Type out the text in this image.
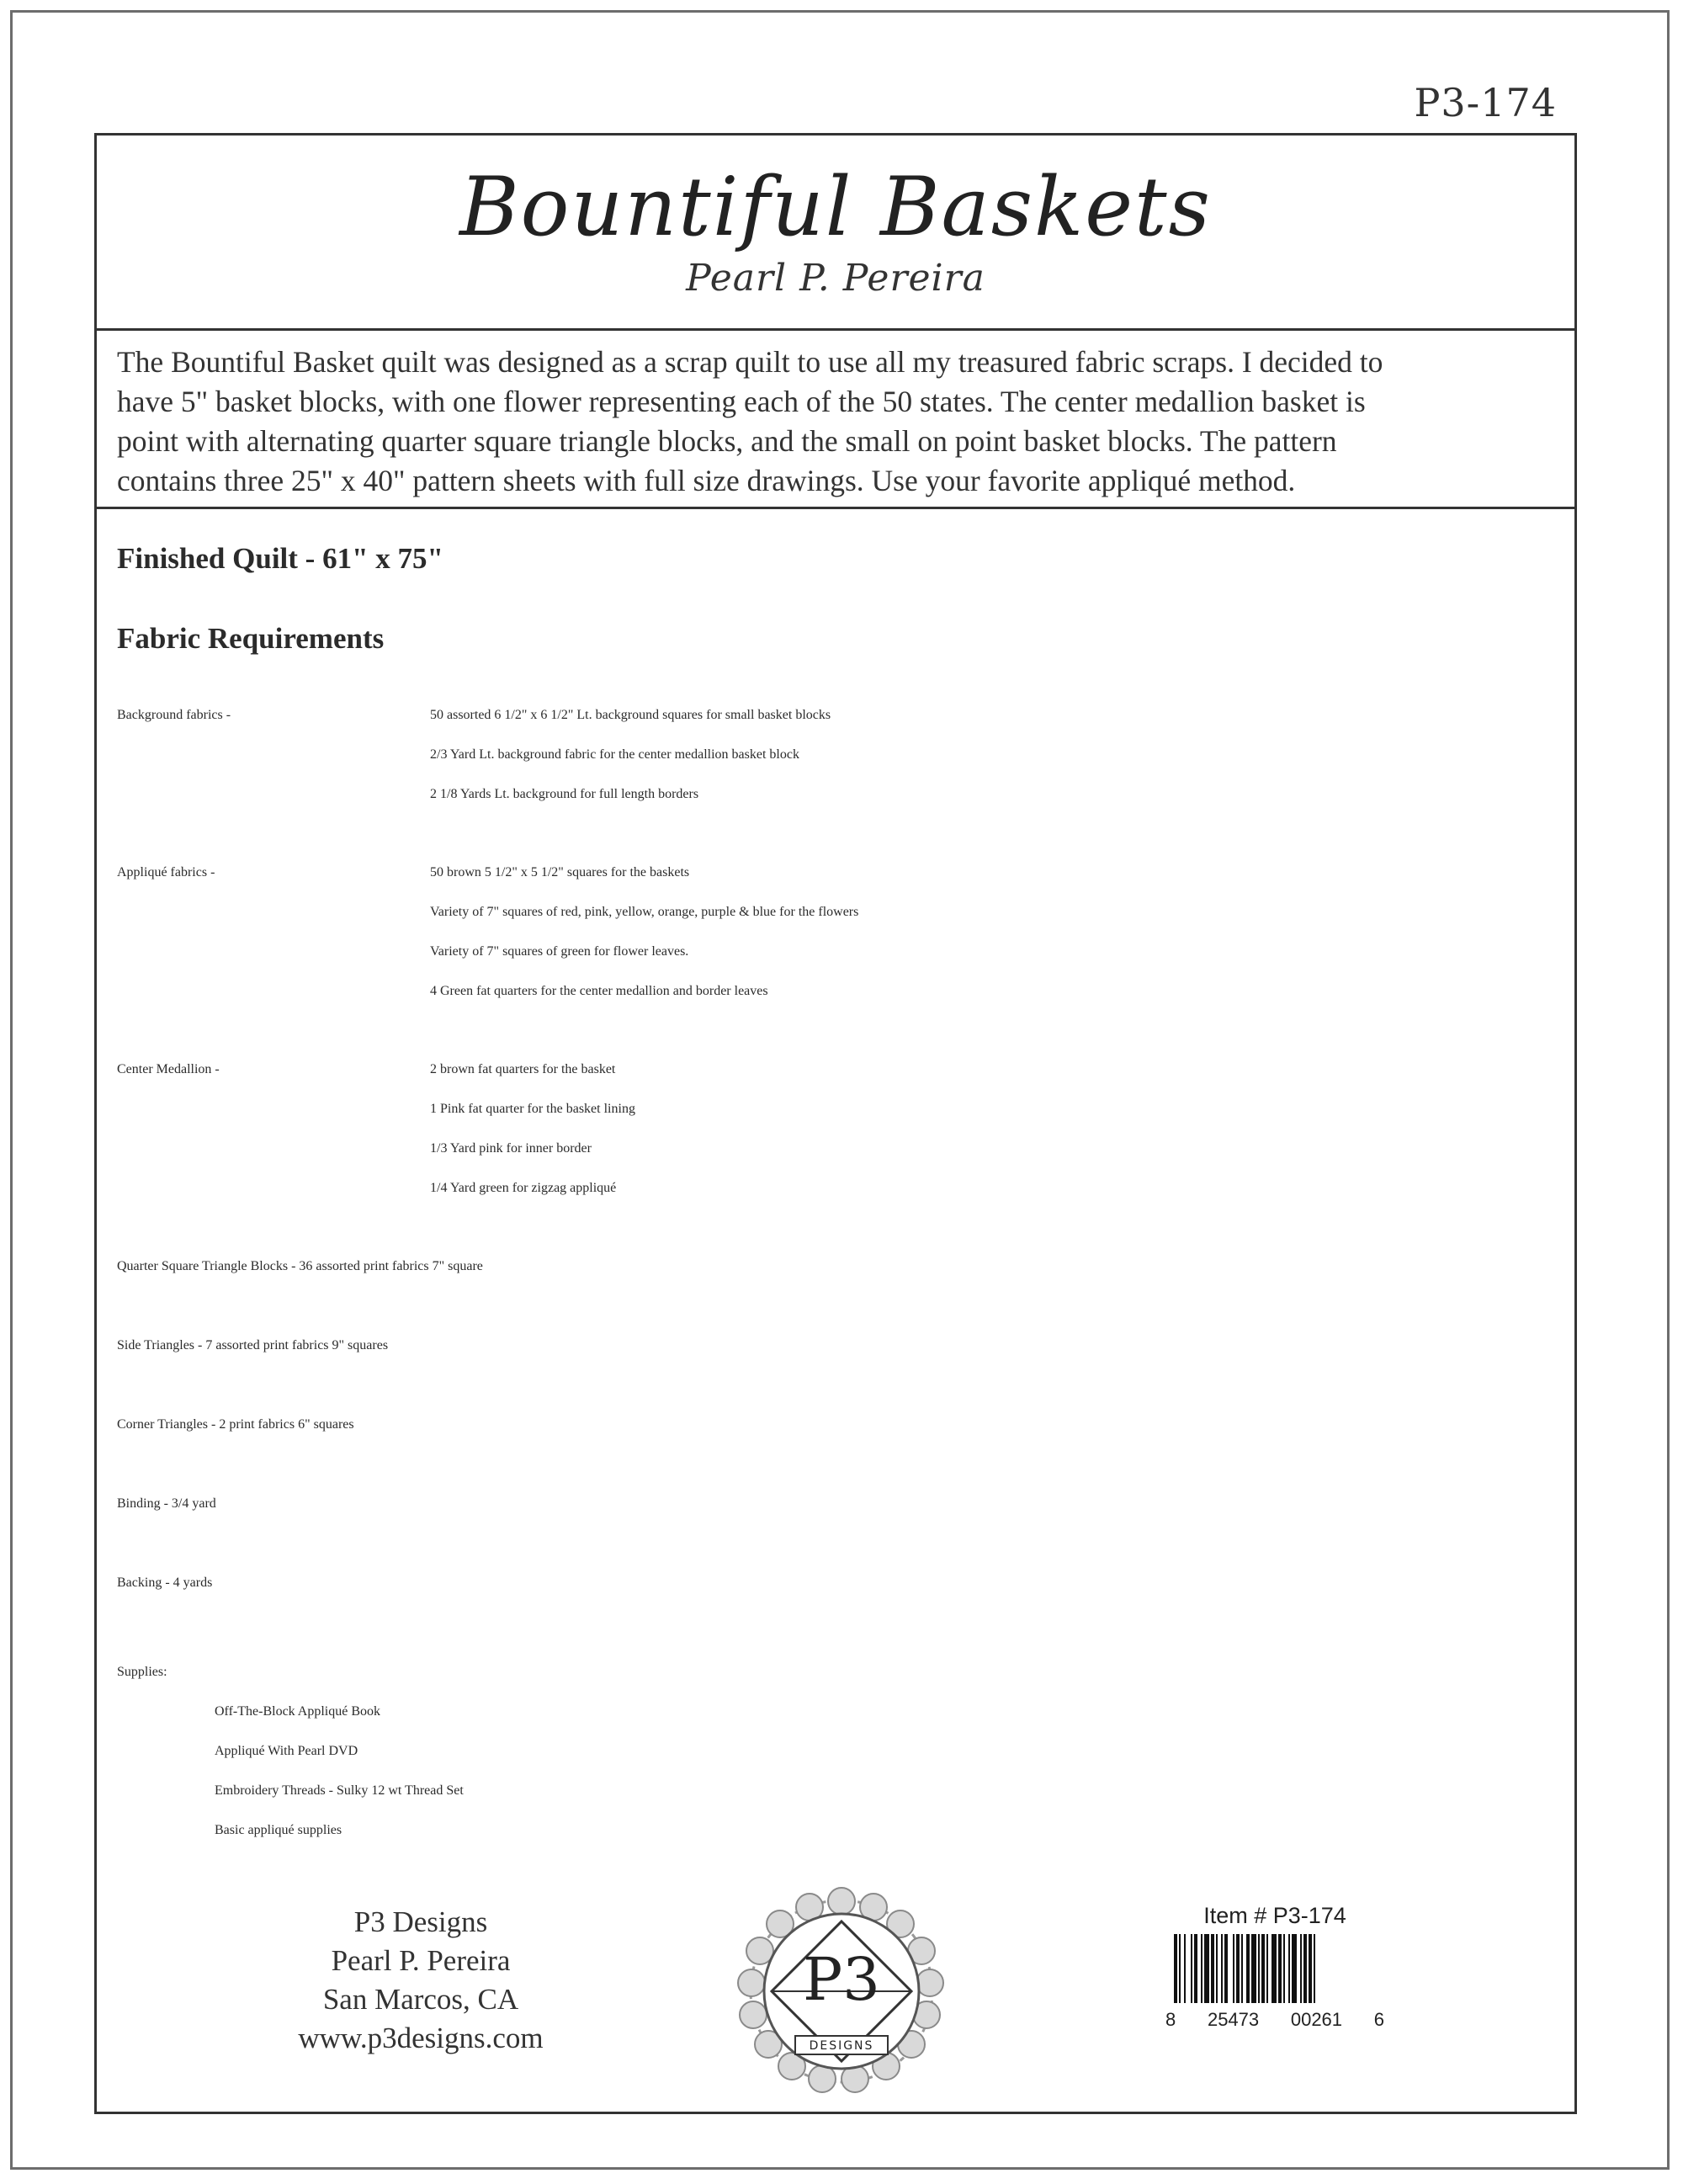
P3-174
Bountiful Baskets
Pearl P. Pereira
The Bountiful Basket quilt was designed as a scrap quilt to use all my treasured fabric scraps. I decided to
have 5" basket blocks, with one flower representing each of the 50 states. The center medallion basket is
point with alternating quarter square triangle blocks, and the small on point basket blocks. The pattern
contains three 25" x 40" pattern sheets with full size drawings. Use your favorite appliqué method.
Finished Quilt - 61" x 75"
Fabric Requirements
Background fabrics -	50 assorted 6 1/2" x 6 1/2" Lt. background squares for small basket blocks
2/3 Yard Lt. background fabric for the center medallion basket block
2 1/8 Yards Lt. background for full length borders
Appliqué fabrics -	50 brown 5 1/2" x 5 1/2" squares for the baskets
Variety of 7" squares of red, pink, yellow, orange, purple & blue for the flowers
Variety of 7" squares of green for flower leaves.
4 Green fat quarters for the center medallion and border leaves
Center Medallion -	2 brown fat quarters for the basket
1 Pink fat quarter for the basket lining
1/3 Yard pink for inner border
1/4 Yard green for zigzag appliqué
Quarter Square Triangle Blocks - 36 assorted print fabrics 7" square
Side Triangles - 7 assorted print fabrics 9" squares
Corner Triangles - 2 print fabrics 6" squares
Binding - 3/4 yard
Backing - 4 yards
Supplies:
Off-The-Block Appliqué Book
Appliqué With Pearl DVD
Embroidery Threads - Sulky 12 wt Thread Set
Basic appliqué supplies
P3 Designs
Pearl P. Pereira
San Marcos, CA
www.p3designs.com
P3
DESIGNS
Item # P3-174
8 25473 00261 6
